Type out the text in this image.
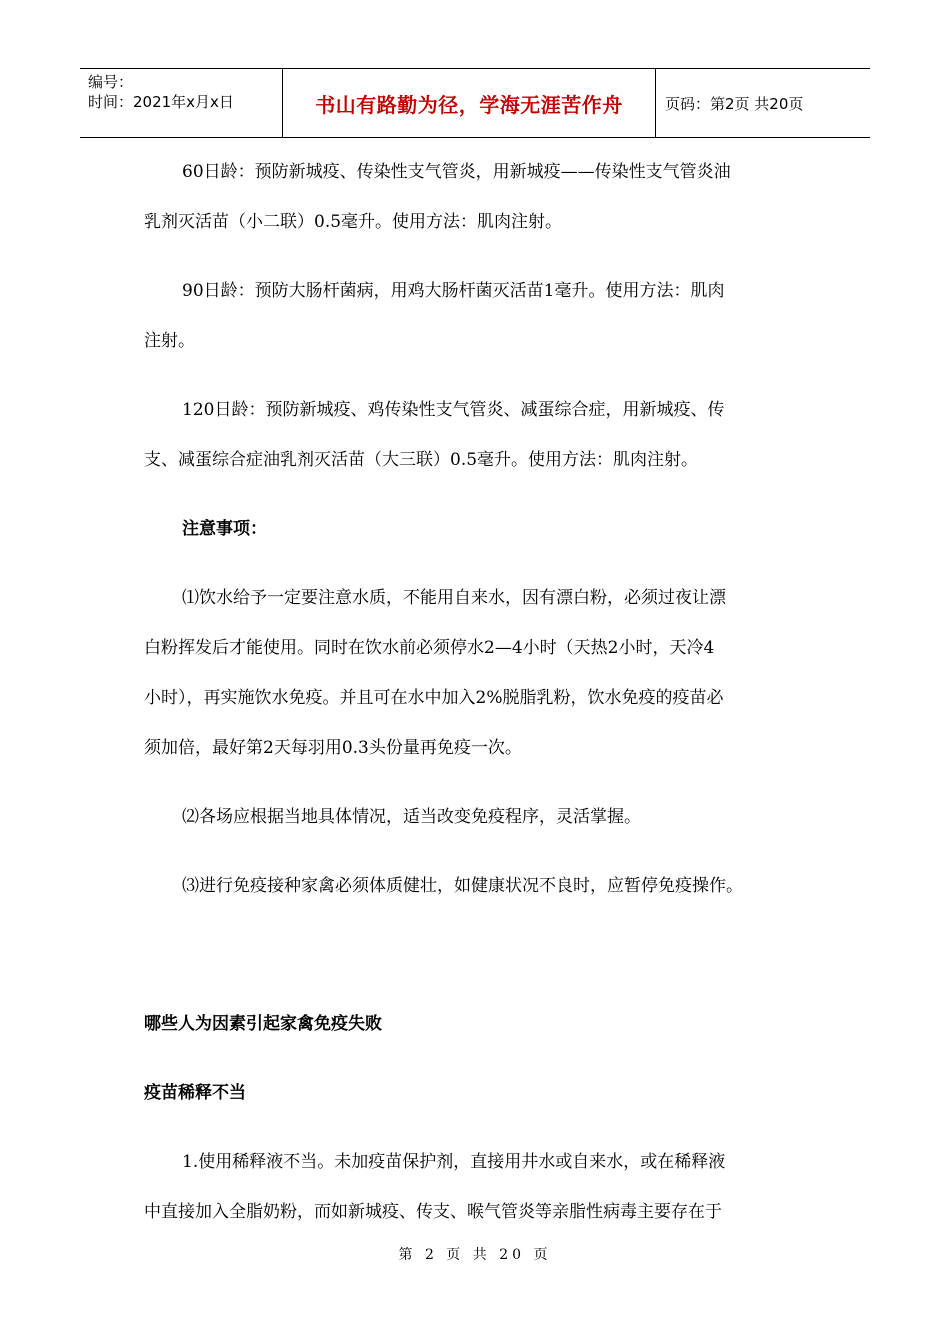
编号：
时间：2021年x月x日	书山有路勤为径，学海无涯苦作舟	页码：第2页 共20页
60日龄：预防新城疫、传染性支气管炎，用新城疫——传染性支气管炎油
乳剂灭活苗（小二联）0.5毫升。使用方法：肌肉注射。
90日龄：预防大肠杆菌病，用鸡大肠杆菌灭活苗1毫升。使用方法：肌肉
注射。
120日龄：预防新城疫、鸡传染性支气管炎、减蛋综合症，用新城疫、传
支、减蛋综合症油乳剂灭活苗（大三联）0.5毫升。使用方法：肌肉注射。
注意事项：
⑴饮水给予一定要注意水质，不能用自来水，因有漂白粉，必须过夜让漂
白粉挥发后才能使用。同时在饮水前必须停水2—4小时（天热2小时，天冷4
小时），再实施饮水免疫。并且可在水中加入2%脱脂乳粉，饮水免疫的疫苗必
须加倍，最好第2天每羽用0.3头份量再免疫一次。
⑵各场应根据当地具体情况，适当改变免疫程序，灵活掌握。
⑶进行免疫接种家禽必须体质健壮，如健康状况不良时，应暂停免疫操作。
哪些人为因素引起家禽免疫失败
疫苗稀释不当
1.使用稀释液不当。未加疫苗保护剂，直接用井水或自来水，或在稀释液
中直接加入全脂奶粉，而如新城疫、传支、喉气管炎等亲脂性病毒主要存在于
第 2 页 共 20 页
